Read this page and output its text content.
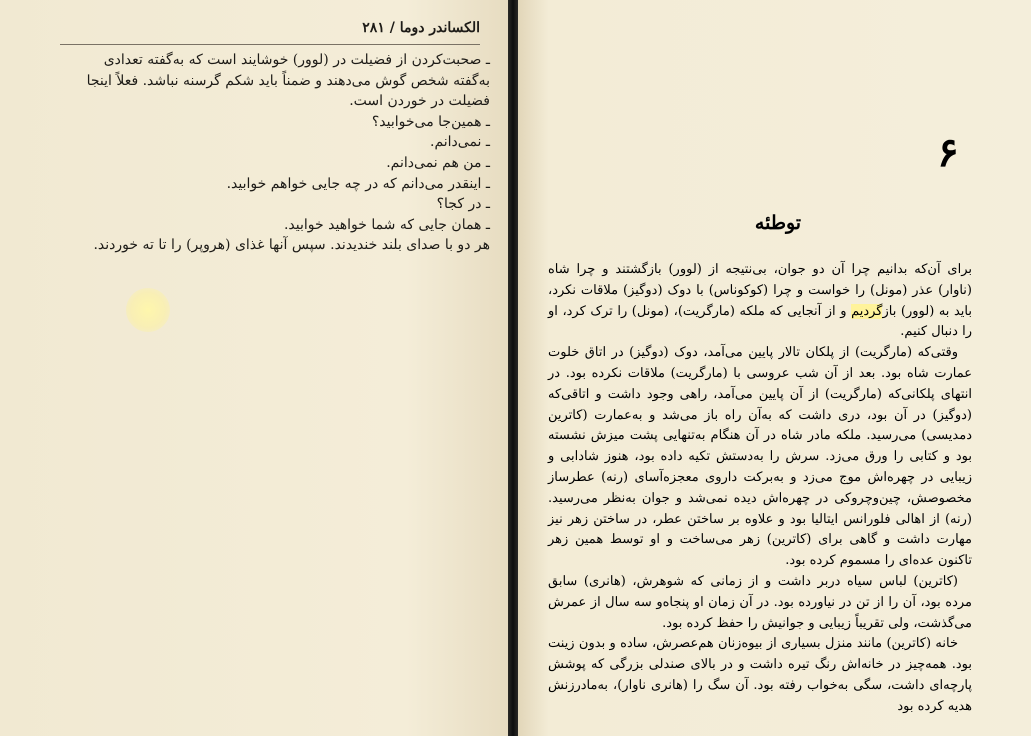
الکساندر دوما / ۲۸۱

ـ صحبت‌کردن از فضیلت در (لوور) خوشایند است که به‌گفته تعدادی به‌گفته شخص گوش می‌دهند و ضمناً باید شکم گرسنه نباشد. فعلاً اینجا فضیلت در خوردن است.

ـ همین‌جا می‌خوابید؟

ـ نمی‌دانم.

ـ من هم نمی‌دانم.

ـ اینقدر می‌دانم که در چه جایی خواهم خوابید.

ـ در کجا؟

ـ همان جایی که شما خواهید خوابید.

هر دو با صدای بلند خندیدند. سپس آنها غذای (هروپر) را تا ته خوردند.

۶
توطئه

برای آن‌که بدانیم چرا آن دو جوان، بی‌نتیجه از (لوور) بازگشتند و چرا شاه (ناوار) عذر (مونل) را خواست و چرا (کوکوناس) با دوک (دوگیز) ملاقات نکرد، باید به (لوور) بازگردیم و از آنجایی که ملکه (مارگریت)، (مونل) را ترک کرد، او را دنبال کنیم.

وقتی‌که (مارگریت) از پلکان تالار پایین می‌آمد، دوک (دوگیز) در اتاق خلوت عمارت شاه بود. بعد از آن شب عروسی با (مارگریت) ملاقات نکرده بود. در انتهای پلکانی‌که (مارگریت) از آن پایین می‌آمد، راهی وجود داشت و اتاقی‌که (دوگیز) در آن بود، دری داشت که به‌آن راه باز می‌شد و به‌عمارت (کاترین دمدیسی) می‌رسید. ملکه مادر شاه در آن هنگام به‌تنهایی پشت میزش نشسته بود و کتابی را ورق می‌زد. سرش را به‌دستش تکیه داده بود، هنوز شادابی و زیبایی در چهره‌اش موج می‌زد و به‌برکت داروی معجزه‌آسای (رنه) عطرساز مخصوصش، چین‌وچروکی در چهره‌اش دیده نمی‌شد و جوان به‌نظر می‌رسید. (رنه) از اهالی فلورانس ایتالیا بود و علاوه بر ساختن عطر، در ساختن زهر نیز مهارت داشت و گاهی برای (کاترین) زهر می‌ساخت و او توسط همین زهر تاکنون عده‌ای را مسموم کرده بود.

(کاترین) لباس سیاه دربر داشت و از زمانی که شوهرش، (هانری) سابق مرده بود، آن را از تن در نیاورده بود. در آن زمان او پنجاه‌و سه سال از عمرش می‌گذشت، ولی تقریباً زیبایی و جوانیش را حفظ کرده بود.

خانه (کاترین) مانند منزل بسیاری از بیوه‌زنان هم‌عصرش، ساده و بدون زینت بود. همه‌چیز در خانه‌اش رنگ تیره داشت و در بالای صندلی بزرگی که پوشش پارچه‌ای داشت، سگی به‌خواب رفته بود. آن سگ را (هانری ناوار)، به‌مادرزنش هدیه کرده بود
